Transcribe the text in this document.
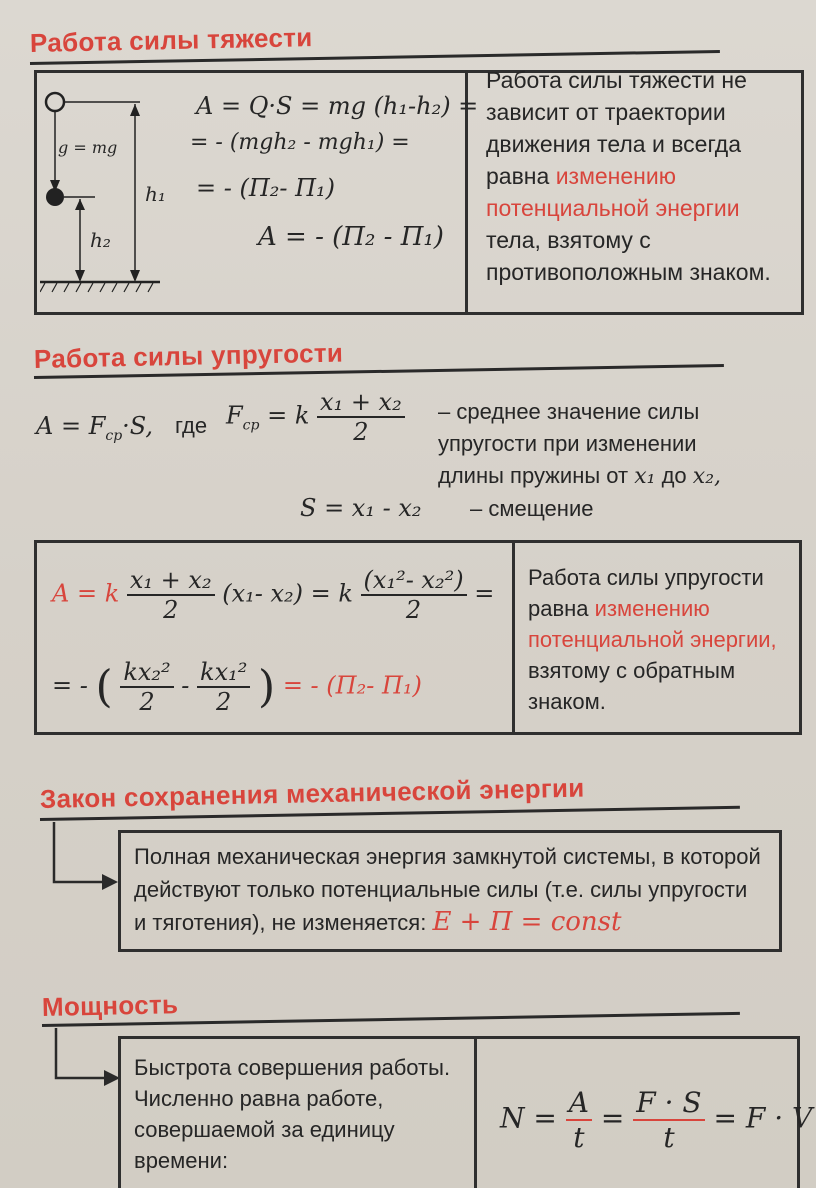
Работа силы тяжести
g = mg
h₁
h₂
A = Q·S = mg (h₁-h₂) =
= - (mgh₂ - mgh₁) =
= - (П₂- П₁)
A = - (П₂ - П₁)
Работа силы тяжести не зависит от траектории движения тела и всегда равна изменению потенциальной энергии тела, взятому с противоположным знаком.
Работа силы упругости
$A = F_{ср}\cdot S$, где $F_{ср} = k \frac{\text{x₁ + x₂}}{2}$ – среднее значение силы упругости при изменении длины пружины от x₁ до x₂,
S = x₁ - x₂ – смещение
A = k $\frac{\text{x₁ + x₂}}{2} (x_1-$ x₂) = k $\frac{\text{(x₁²- x₂²)}}{2}$ =
= - ( $\frac{\text{kx₂²}}{2} - \frac{\text{kx₁²}}{2}$ ) = - (П₂- П₁)
Работа силы упругости равна изменению потенциальной энергии, взятому с обратным знаком.
Закон сохранения механической энергии
Полная механическая энергия замкнутой системы, в которой действуют только потенциальные силы (т.е. силы упругости и тяготения), не изменяется: E + П = const
Мощность
Быстрота совершения работы. Численно равна работе, совершаемой за единицу времени:
$N = \frac{A}{t} = \frac{F \cdot S}{t} = F \cdot V$
